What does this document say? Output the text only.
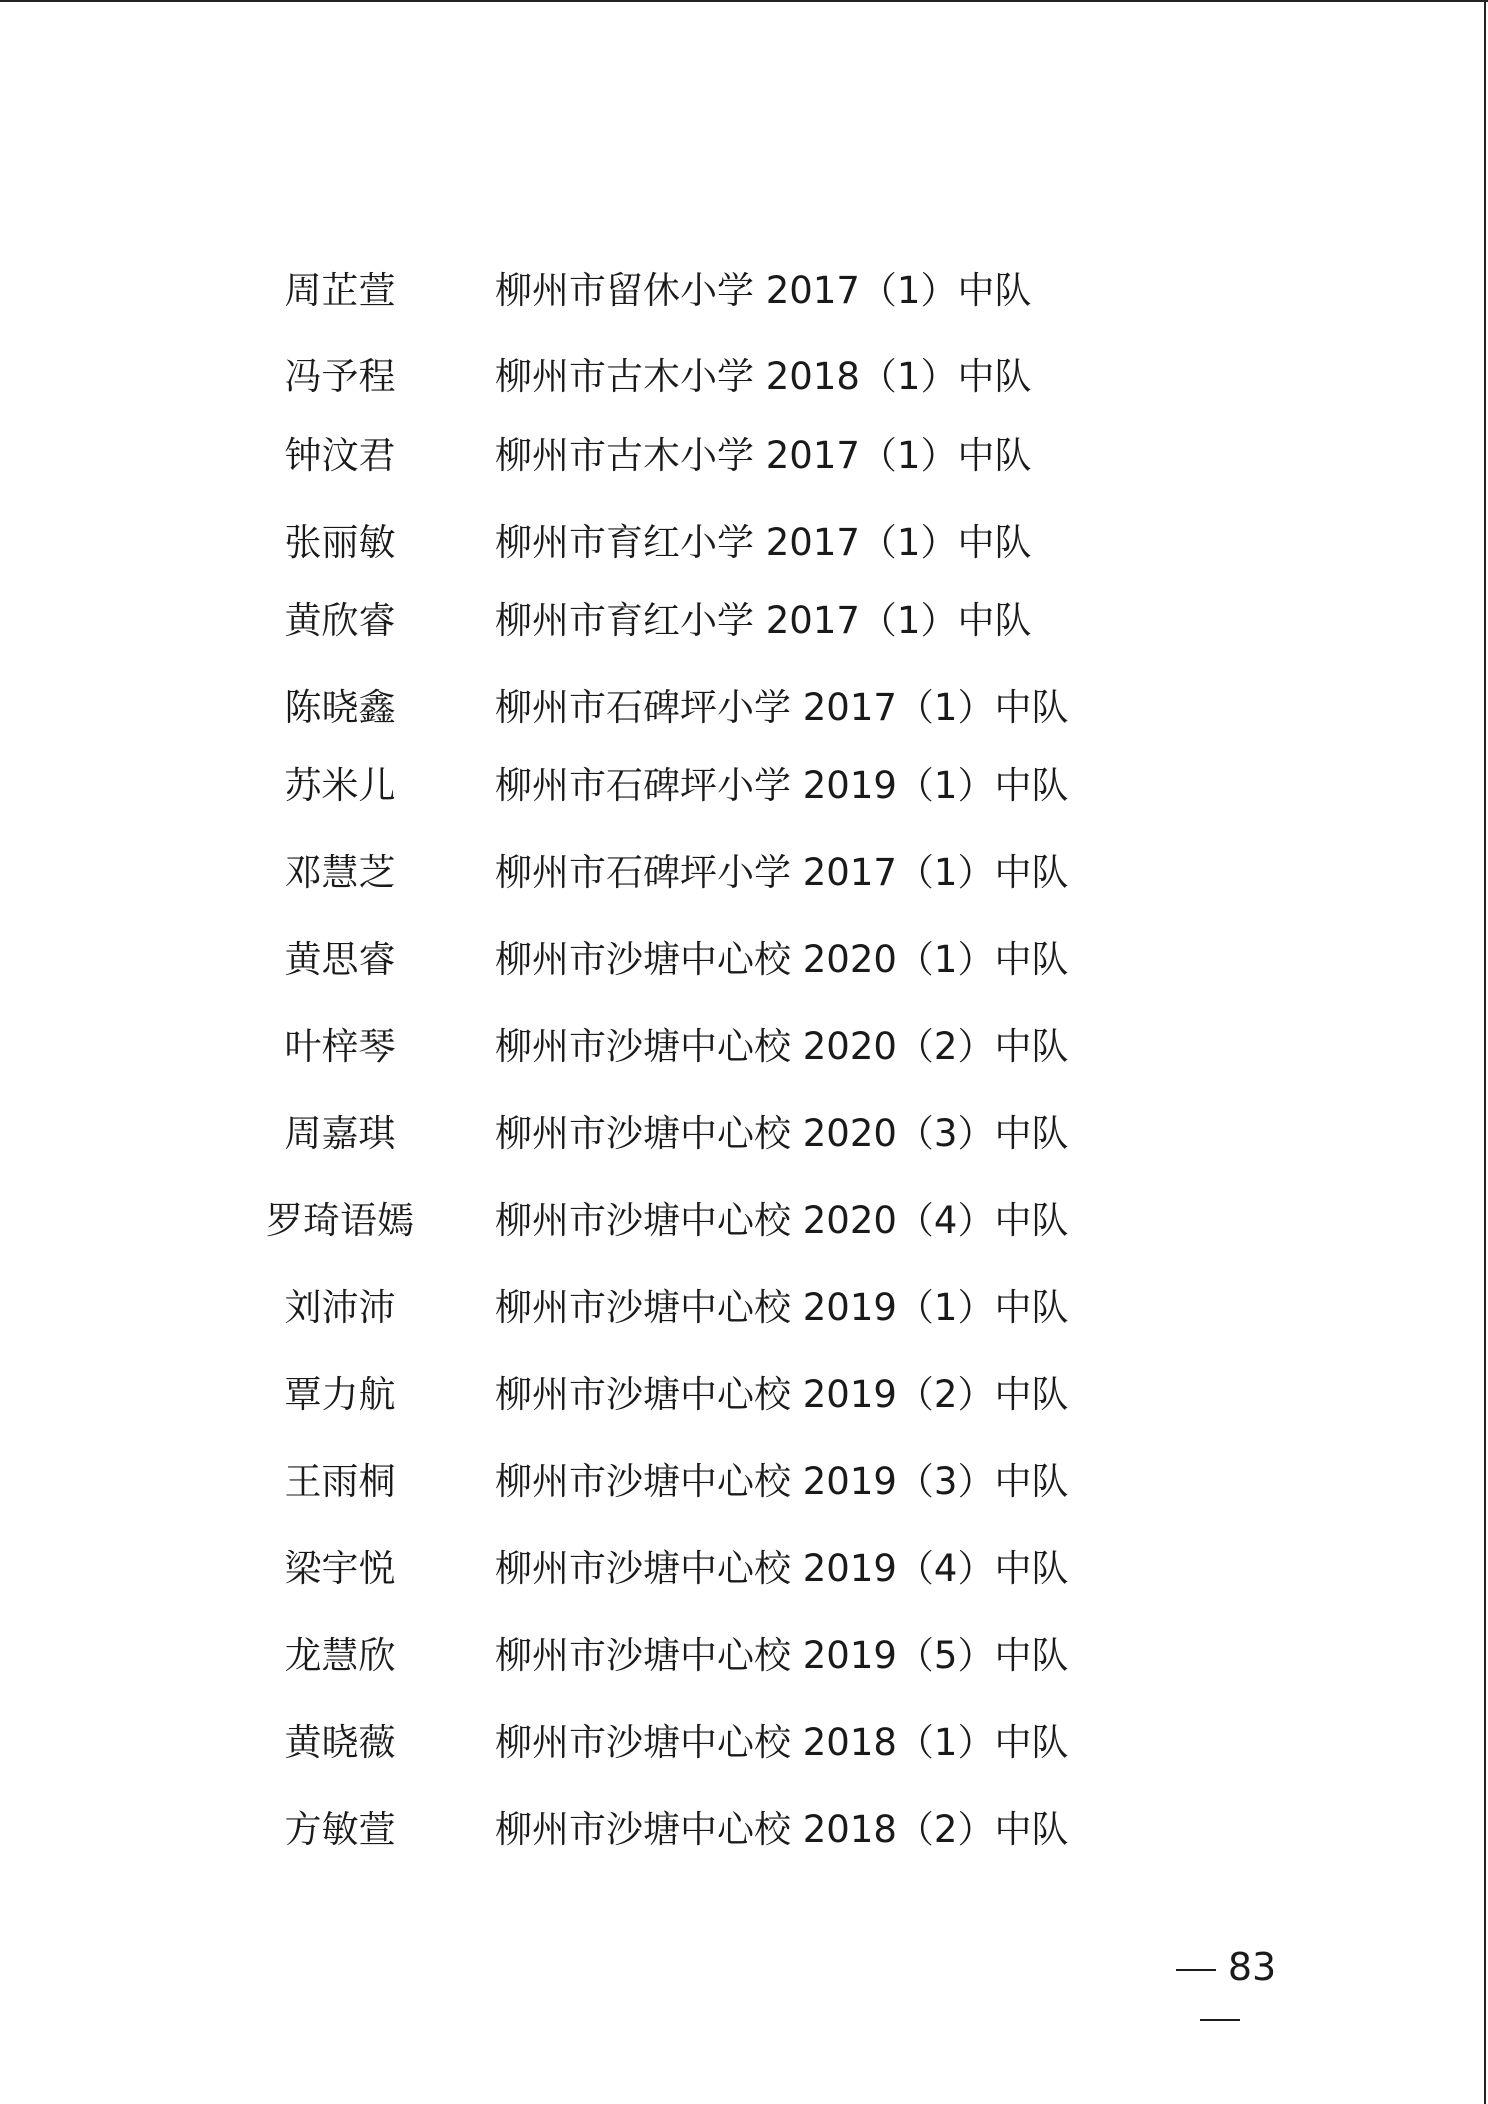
周芷萱	柳州市留休小学 2017（1）中队
冯予程	柳州市古木小学 2018（1）中队
钟汶君	柳州市古木小学 2017（1）中队
张丽敏	柳州市育红小学 2017（1）中队
黄欣睿	柳州市育红小学 2017（1）中队
陈晓鑫	柳州市石碑坪小学 2017（1）中队
苏米儿	柳州市石碑坪小学 2019（1）中队
邓慧芝	柳州市石碑坪小学 2017（1）中队
黄思睿	柳州市沙塘中心校 2020（1）中队
叶梓琴	柳州市沙塘中心校 2020（2）中队
周嘉琪	柳州市沙塘中心校 2020（3）中队
罗琦语嫣	柳州市沙塘中心校 2020（4）中队
刘沛沛	柳州市沙塘中心校 2019（1）中队
覃力航	柳州市沙塘中心校 2019（2）中队
王雨桐	柳州市沙塘中心校 2019（3）中队
梁宇悦	柳州市沙塘中心校 2019（4）中队
龙慧欣	柳州市沙塘中心校 2019（5）中队
黄晓薇	柳州市沙塘中心校 2018（1）中队
方敏萱	柳州市沙塘中心校 2018（2）中队
83
